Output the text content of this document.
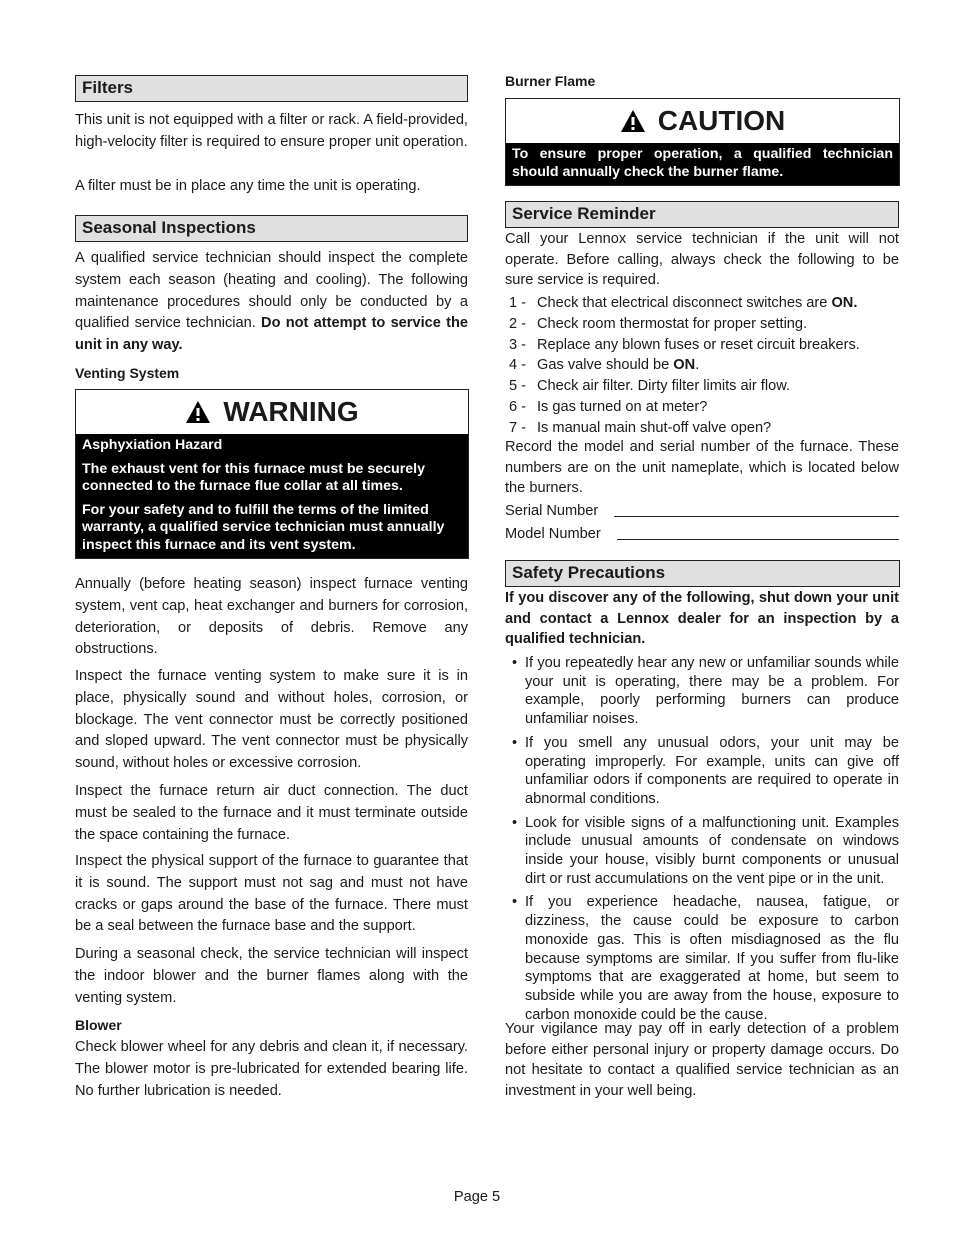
Filters

This unit is not equipped with a filter or rack. A field-provided, high-velocity filter is required to ensure proper unit operation.

A filter must be in place any time the unit is operating.

Seasonal Inspections

A qualified service technician should inspect the complete system each season (heating and cooling). The following maintenance procedures should only be conducted by a qualified service technician. Do not attempt to service the unit in any way.

Venting System

WARNING

Asphyxiation Hazard

The exhaust vent for this furnace must be securely connected to the furnace flue collar at all times.

For your safety and to fulfill the terms of the limited warranty, a qualified service technician must annually inspect this furnace and its vent system.

Annually (before heating season) inspect furnace venting system, vent cap, heat exchanger and burners for corrosion, deterioration, or deposits of debris. Remove any obstructions.

Inspect the furnace venting system to make sure it is in place, physically sound and without holes, corrosion, or blockage. The vent connector must be correctly positioned and sloped upward. The vent connector must be physically sound, without holes or excessive corrosion.

Inspect the furnace return air duct connection. The duct must be sealed to the furnace and it must terminate outside the space containing the furnace.

Inspect the physical support of the furnace to guarantee that it is sound. The support must not sag and must not have cracks or gaps around the base of the furnace. There must be a seal between the furnace base and the support.

During a seasonal check, the service technician will inspect the indoor blower and the burner flames along with the venting system.

Blower

Check blower wheel for any debris and clean it, if necessary. The blower motor is pre-lubricated for extended bearing life. No further lubrication is needed.

Burner Flame

CAUTION

To ensure proper operation, a qualified technician should annually check the burner flame.

Service Reminder

Call your Lennox service technician if the unit will not operate. Before calling, always check the following to be sure service is required.

1 - Check that electrical disconnect switches are ON.
2 - Check room thermostat for proper setting.
3 - Replace any blown fuses or reset circuit breakers.
4 - Gas valve should be ON.
5 - Check air filter. Dirty filter limits air flow.
6 - Is gas turned on at meter?
7 - Is manual main shut-off valve open?

Record the model and serial number of the furnace. These numbers are on the unit nameplate, which is located below the burners.

Serial Number
Model Number
Safety Precautions

If you discover any of the following, shut down your unit and contact a Lennox dealer for an inspection by a qualified technician.

• If you repeatedly hear any new or unfamiliar sounds while your unit is operating, there may be a problem. For example, poorly performing burners can produce unfamiliar noises.
• If you smell any unusual odors, your unit may be operating improperly. For example, units can give off unfamiliar odors if components are required to operate in abnormal conditions.
• Look for visible signs of a malfunctioning unit. Examples include unusual amounts of condensate on windows inside your house, visibly burnt components or unusual dirt or rust accumulations on the vent pipe or in the unit.
• If you experience headache, nausea, fatigue, or dizziness, the cause could be exposure to carbon monoxide gas. This is often misdiagnosed as the flu because symptoms are similar. If you suffer from flu-like symptoms that are exaggerated at home, but seem to subside while you are away from the house, exposure to carbon monoxide could be the cause.

Your vigilance may pay off in early detection of a problem before either personal injury or property damage occurs. Do not hesitate to contact a qualified service technician as an investment in your well being.

Page 5
